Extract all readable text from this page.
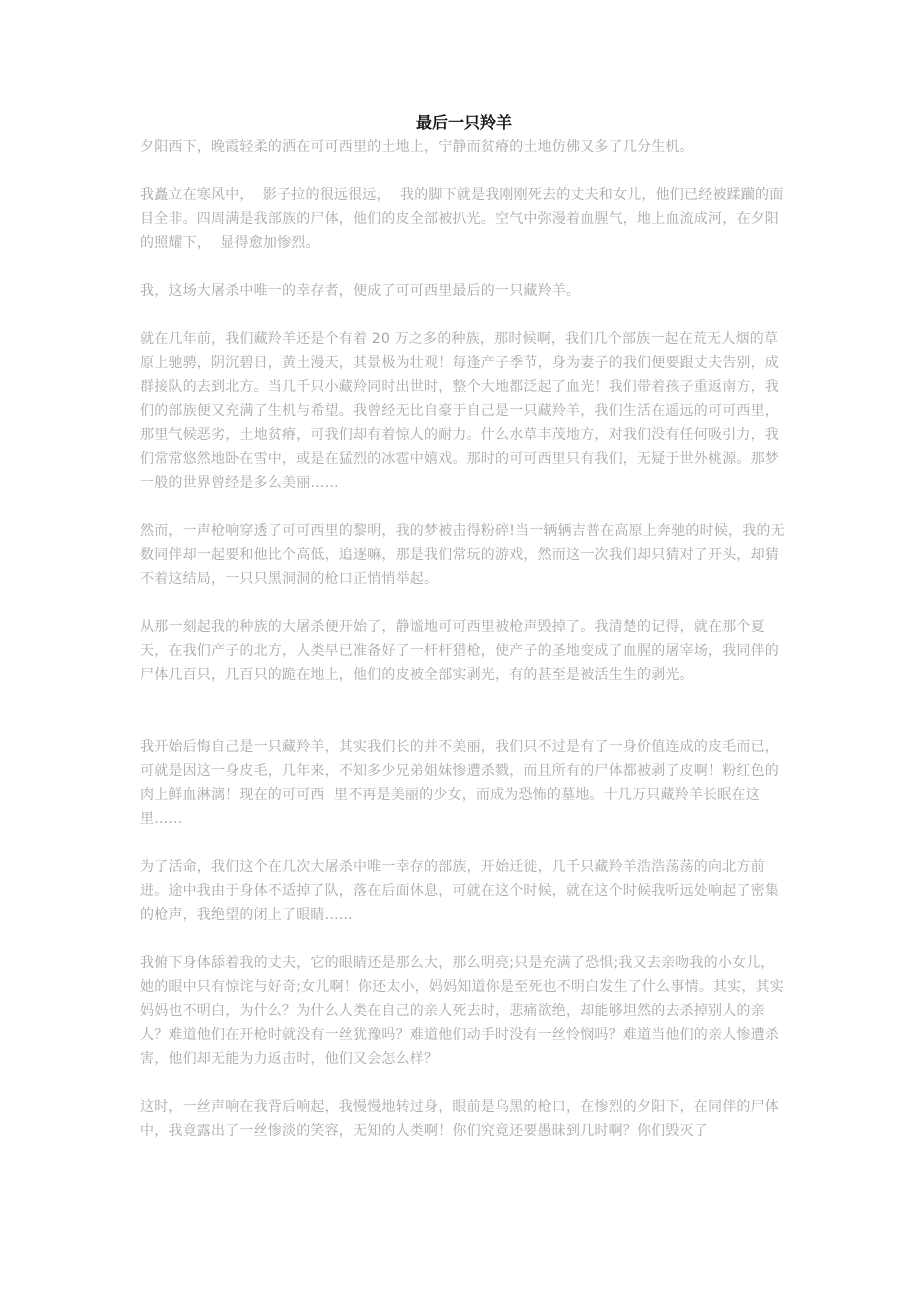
最后一只羚羊

夕阳西下，晚霞轻柔的洒在可可西里的土地上，宁静而贫瘠的土地仿佛又多了几分生机。

我矗立在寒风中，  影子拉的很远很远，  我的脚下就是我刚刚死去的丈夫和女儿，他们已经被蹂躏的面目全非。四周满是我部族的尸体，他们的皮全部被扒光。空气中弥漫着血腥气，地上血流成河，在夕阳的照耀下，  显得愈加惨烈。

我，这场大屠杀中唯一的幸存者，便成了可可西里最后的一只藏羚羊。

就在几年前，我们藏羚羊还是个有着 20 万之多的种族，那时候啊，我们几个部族一起在荒无人烟的草原上驰骋，阴沉碧日，黄土漫天，其景极为壮观！每逢产子季节，身为妻子的我们便要跟丈夫告别，成群接队的去到北方。当几千只小藏羚同时出世时，整个大地都泛起了血光！我们带着孩子重返南方，我们的部族便又充满了生机与希望。我曾经无比自豪于自己是一只藏羚羊，我们生活在遥远的可可西里，那里气候恶劣，土地贫瘠，可我们却有着惊人的耐力。什么水草丰茂地方，对我们没有任何吸引力，我们常常悠然地卧在雪中，或是在猛烈的冰雹中嬉戏。那时的可可西里只有我们，无疑于世外桃源。那梦一般的世界曾经是多么美丽……

然而，一声枪响穿透了可可西里的黎明，我的梦被击得粉碎!当一辆辆吉普在高原上奔驰的时候，我的无数同伴却一起要和他比个高低，追逐嘛，那是我们常玩的游戏，然而这一次我们却只猜对了开头，却猜不着这结局，一只只黑洞洞的枪口正悄悄举起。

从那一刻起我的种族的大屠杀便开始了，静谧地可可西里被枪声毁掉了。我清楚的记得，就在那个夏天，在我们产子的北方，人类早已准备好了一杆杆猎枪，使产子的圣地变成了血腥的屠宰场，我同伴的尸体几百只，几百只的跪在地上，他们的皮被全部实剥光，有的甚至是被活生生的剥光。

我开始后悔自己是一只藏羚羊，其实我们长的并不美丽，我们只不过是有了一身价值连成的皮毛而已，可就是因这一身皮毛，几年来，不知多少兄弟姐妹惨遭杀戮，而且所有的尸体都被剥了皮啊！粉红色的肉上鲜血淋漓！现在的可可西  里不再是美丽的少女，而成为恐怖的墓地。十几万只藏羚羊长眠在这里……

为了活命，我们这个在几次大屠杀中唯一幸存的部族，开始迁徙，几千只藏羚羊浩浩荡荡的向北方前进。途中我由于身体不适掉了队，落在后面休息，可就在这个时候，就在这个时候我听远处响起了密集的枪声，我绝望的闭上了眼睛……

我俯下身体舔着我的丈夫，它的眼睛还是那么大，那么明亮;只是充满了恐惧;我又去亲吻我的小女儿，她的眼中只有惊诧与好奇;女儿啊！你还太小，妈妈知道你是至死也不明白发生了什么事情。其实，其实妈妈也不明白，为什么？为什么人类在自己的亲人死去时，悲痛欲绝，却能够坦然的去杀掉别人的亲人？难道他们在开枪时就没有一丝犹豫吗？难道他们动手时没有一丝怜悯吗？难道当他们的亲人惨遭杀害，他们却无能为力返击时，他们又会怎么样？

这时，一丝声响在我背后响起，我慢慢地转过身，眼前是乌黑的枪口，在惨烈的夕阳下，在同伴的尸体中，我竟露出了一丝惨淡的笑容，无知的人类啊！你们究竟还要愚昧到几时啊？你们毁灭了
